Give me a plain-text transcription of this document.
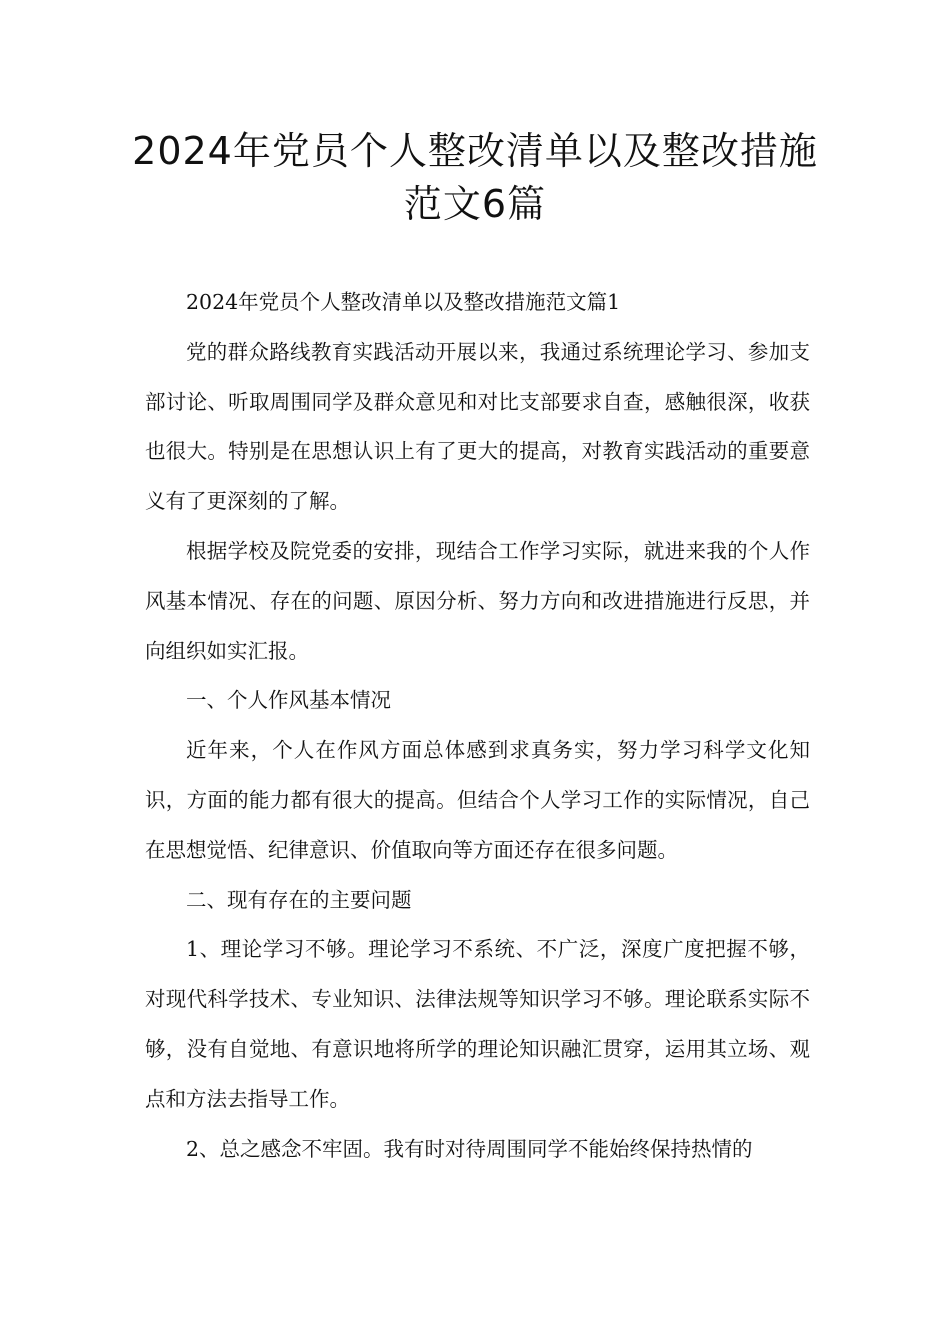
2024年党员个人整改清单以及整改措施
范文6篇

2024年党员个人整改清单以及整改措施范文篇1

党的群众路线教育实践活动开展以来，我通过系统理论学习、参加支部讨论、听取周围同学及群众意见和对比支部要求自查，感触很深，收获也很大。特别是在思想认识上有了更大的提高，对教育实践活动的重要意义有了更深刻的了解。

根据学校及院党委的安排，现结合工作学习实际，就进来我的个人作风基本情况、存在的问题、原因分析、努力方向和改进措施进行反思，并向组织如实汇报。

一、个人作风基本情况

近年来，个人在作风方面总体感到求真务实，努力学习科学文化知识，方面的能力都有很大的提高。但结合个人学习工作的实际情况，自己在思想觉悟、纪律意识、价值取向等方面还存在很多问题。

二、现有存在的主要问题

1、理论学习不够。理论学习不系统、不广泛，深度广度把握不够，对现代科学技术、专业知识、法律法规等知识学习不够。理论联系实际不够，没有自觉地、有意识地将所学的理论知识融汇贯穿，运用其立场、观点和方法去指导工作。

2、总之感念不牢固。我有时对待周围同学不能始终保持热情的
